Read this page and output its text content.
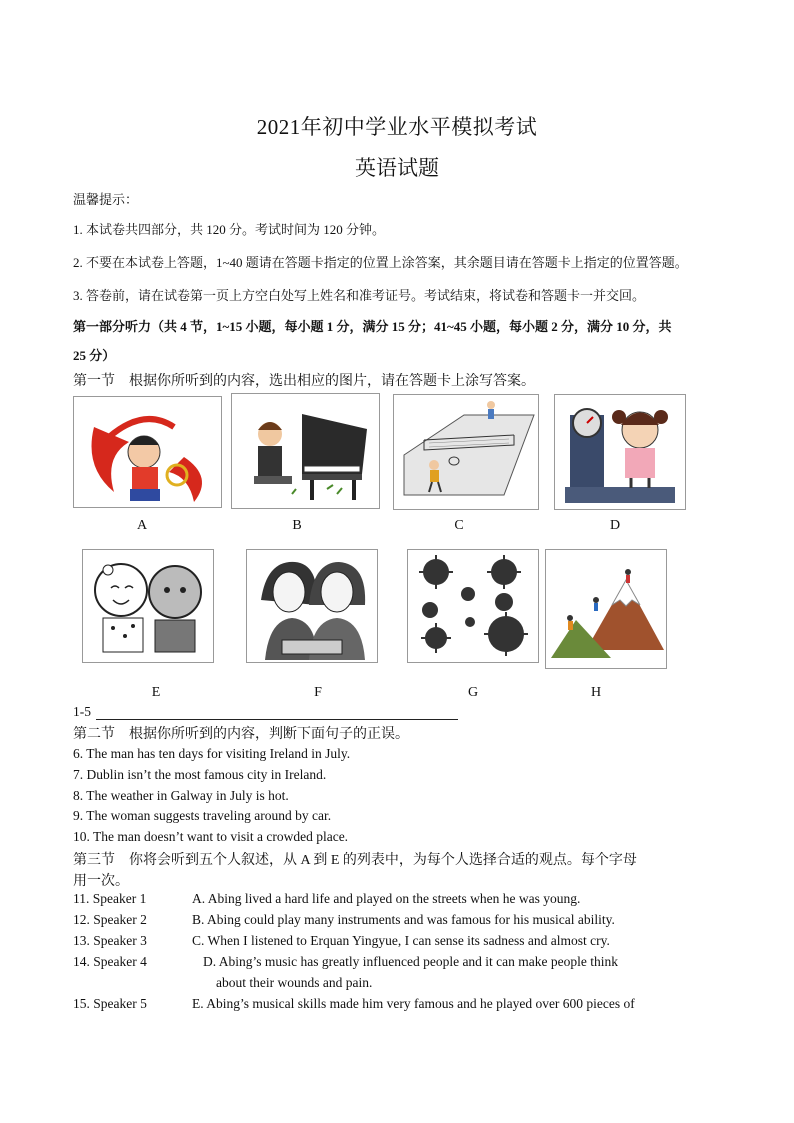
2021年初中学业水平模拟考试
英语试题
温馨提示：
1. 本试卷共四部分，共 120 分。考试时间为 120 分钟。
2. 不要在本试卷上答题，1~40 题请在答题卡指定的位置上涂答案，其余题目请在答题卡上指定的位置答题。
3. 答卷前，请在试卷第一页上方空白处写上姓名和准考证号。考试结束，将试卷和答题卡一并交回。
第一部分听力（共 4 节，1~15 小题，每小题 1 分，满分 15 分；41~45 小题，每小题 2 分，满分 10 分，共
25 分）
第一节　根据你所听到的内容，选出相应的图片，请在答题卡上涂写答案。
A	B	C	D
E	F	G	H
1-5
第二节　根据你所听到的内容，判断下面句子的正误。
6. The man has ten days for visiting Ireland in July.
7. Dublin isn’t the most famous city in Ireland.
8. The weather in Galway in July is hot.
9. The woman suggests traveling around by car.
10. The man doesn’t want to visit a crowded place.
第三节　你将会听到五个人叙述，从 A 到 E 的列表中，为每个人选择合适的观点。每个字母
用一次。
11. Speaker 1	A. Abing lived a hard life and played on the streets when he was young.
12. Speaker 2	B. Abing could play many instruments and was famous for his musical ability.
13. Speaker 3	C. When I listened to Erquan Yingyue, I can sense its sadness and almost cry.
14. Speaker 4	D. Abing’s music has greatly influenced people and it can make people think
about their wounds and pain.
15. Speaker 5	E. Abing’s musical skills made him very famous and he played over 600 pieces of
